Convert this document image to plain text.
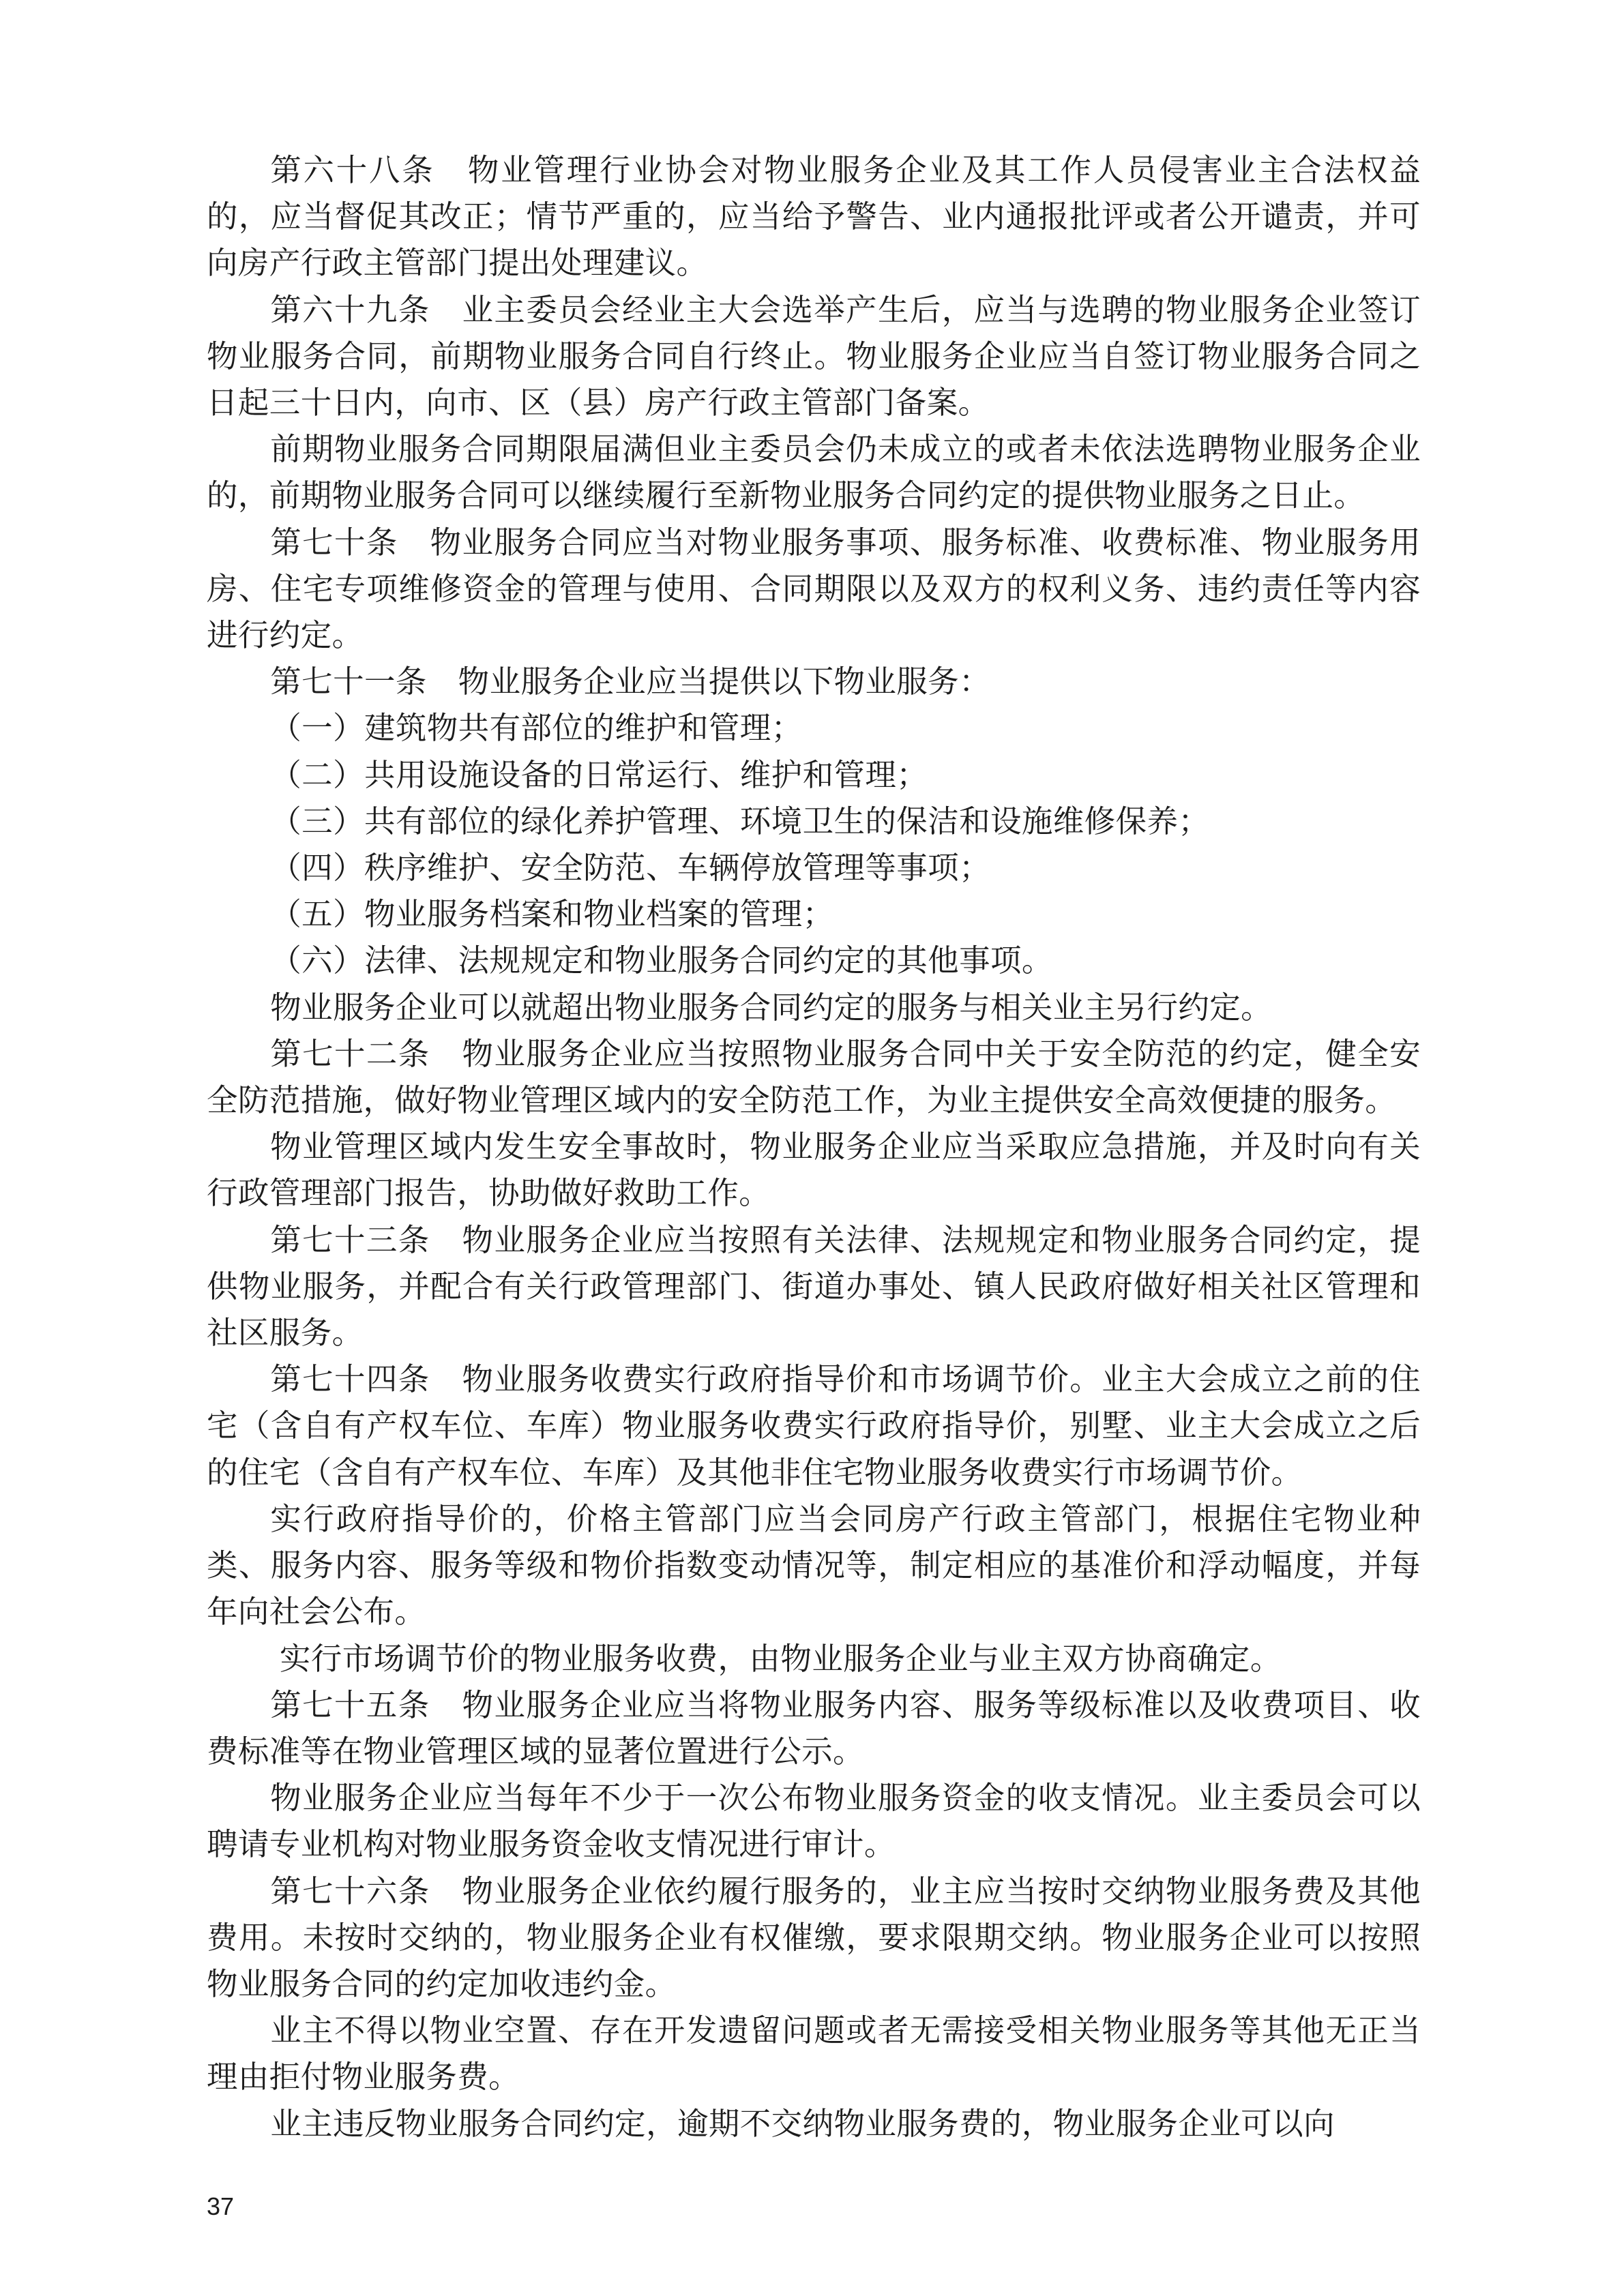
第六十八条　物业管理行业协会对物业服务企业及其工作人员侵害业主合法权益的，应当督促其改正；情节严重的，应当给予警告、业内通报批评或者公开谴责，并可向房产行政主管部门提出处理建议。

第六十九条　业主委员会经业主大会选举产生后，应当与选聘的物业服务企业签订物业服务合同，前期物业服务合同自行终止。物业服务企业应当自签订物业服务合同之日起三十日内，向市、区（县）房产行政主管部门备案。

前期物业服务合同期限届满但业主委员会仍未成立的或者未依法选聘物业服务企业的，前期物业服务合同可以继续履行至新物业服务合同约定的提供物业服务之日止。

第七十条　物业服务合同应当对物业服务事项、服务标准、收费标准、物业服务用房、住宅专项维修资金的管理与使用、合同期限以及双方的权利义务、违约责任等内容进行约定。

第七十一条　物业服务企业应当提供以下物业服务：

（一）建筑物共有部位的维护和管理；

（二）共用设施设备的日常运行、维护和管理；

（三）共有部位的绿化养护管理、环境卫生的保洁和设施维修保养；

（四）秩序维护、安全防范、车辆停放管理等事项；

（五）物业服务档案和物业档案的管理；

（六）法律、法规规定和物业服务合同约定的其他事项。

物业服务企业可以就超出物业服务合同约定的服务与相关业主另行约定。

第七十二条　物业服务企业应当按照物业服务合同中关于安全防范的约定，健全安全防范措施，做好物业管理区域内的安全防范工作，为业主提供安全高效便捷的服务。

物业管理区域内发生安全事故时，物业服务企业应当采取应急措施，并及时向有关行政管理部门报告，协助做好救助工作。

第七十三条　物业服务企业应当按照有关法律、法规规定和物业服务合同约定，提供物业服务，并配合有关行政管理部门、街道办事处、镇人民政府做好相关社区管理和社区服务。

第七十四条　物业服务收费实行政府指导价和市场调节价。业主大会成立之前的住宅（含自有产权车位、车库）物业服务收费实行政府指导价，别墅、业主大会成立之后的住宅（含自有产权车位、车库）及其他非住宅物业服务收费实行市场调节价。

实行政府指导价的，价格主管部门应当会同房产行政主管部门，根据住宅物业种类、服务内容、服务等级和物价指数变动情况等，制定相应的基准价和浮动幅度，并每年向社会公布。

实行市场调节价的物业服务收费，由物业服务企业与业主双方协商确定。

第七十五条　物业服务企业应当将物业服务内容、服务等级标准以及收费项目、收费标准等在物业管理区域的显著位置进行公示。

物业服务企业应当每年不少于一次公布物业服务资金的收支情况。业主委员会可以聘请专业机构对物业服务资金收支情况进行审计。

第七十六条　物业服务企业依约履行服务的，业主应当按时交纳物业服务费及其他费用。未按时交纳的，物业服务企业有权催缴，要求限期交纳。物业服务企业可以按照物业服务合同的约定加收违约金。

业主不得以物业空置、存在开发遗留问题或者无需接受相关物业服务等其他无正当理由拒付物业服务费。

业主违反物业服务合同约定，逾期不交纳物业服务费的，物业服务企业可以向

37
